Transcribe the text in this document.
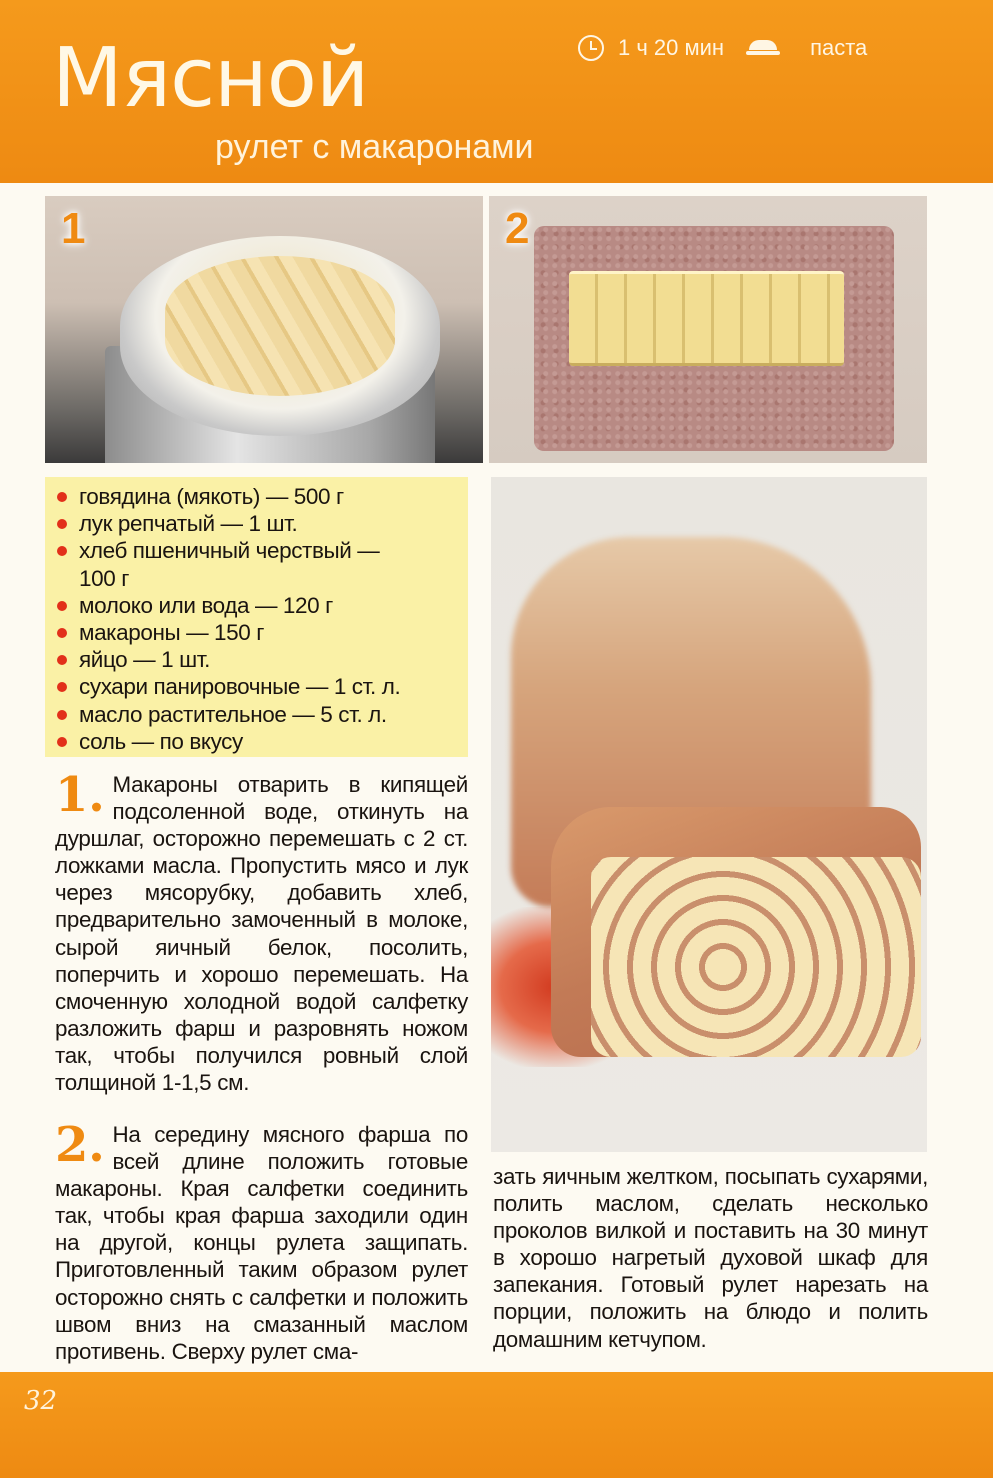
Мясной
рулет с макаронами
1 ч 20 мин	паста
1	2
говядина (мякоть) — 500 г
лук репчатый — 1 шт.
хлеб пшеничный черствый — 100 г
молоко или вода — 120 г
макароны — 150 г
яйцо — 1 шт.
сухари панировочные — 1 ст. л.
масло растительное — 5 ст. л.
соль — по вкусу
1. Макароны отварить в кипящей подсоленной воде, откинуть на дуршлаг, осторожно перемешать с 2 ст. ложками масла. Пропустить мясо и лук через мясорубку, добавить хлеб, предварительно замоченный в молоке, сырой яичный белок, посолить, поперчить и хорошо перемешать. На смоченную холодной водой салфетку разложить фарш и разровнять ножом так, чтобы получился ровный слой толщиной 1-1,5 см.
2. На середину мясного фарша по всей длине положить готовые макароны. Края салфетки соединить так, чтобы края фарша заходили один на другой, концы рулета защипать. Приготовленный таким образом рулет осторожно снять с салфетки и положить швом вниз на смазанный маслом противень. Сверху рулет сма-
зать яичным желтком, посыпать сухарями, полить маслом, сделать несколько проколов вилкой и поставить на 30 минут в хорошо нагретый духовой шкаф для запекания. Готовый рулет нарезать на порции, положить на блюдо и полить домашним кетчупом.
32
